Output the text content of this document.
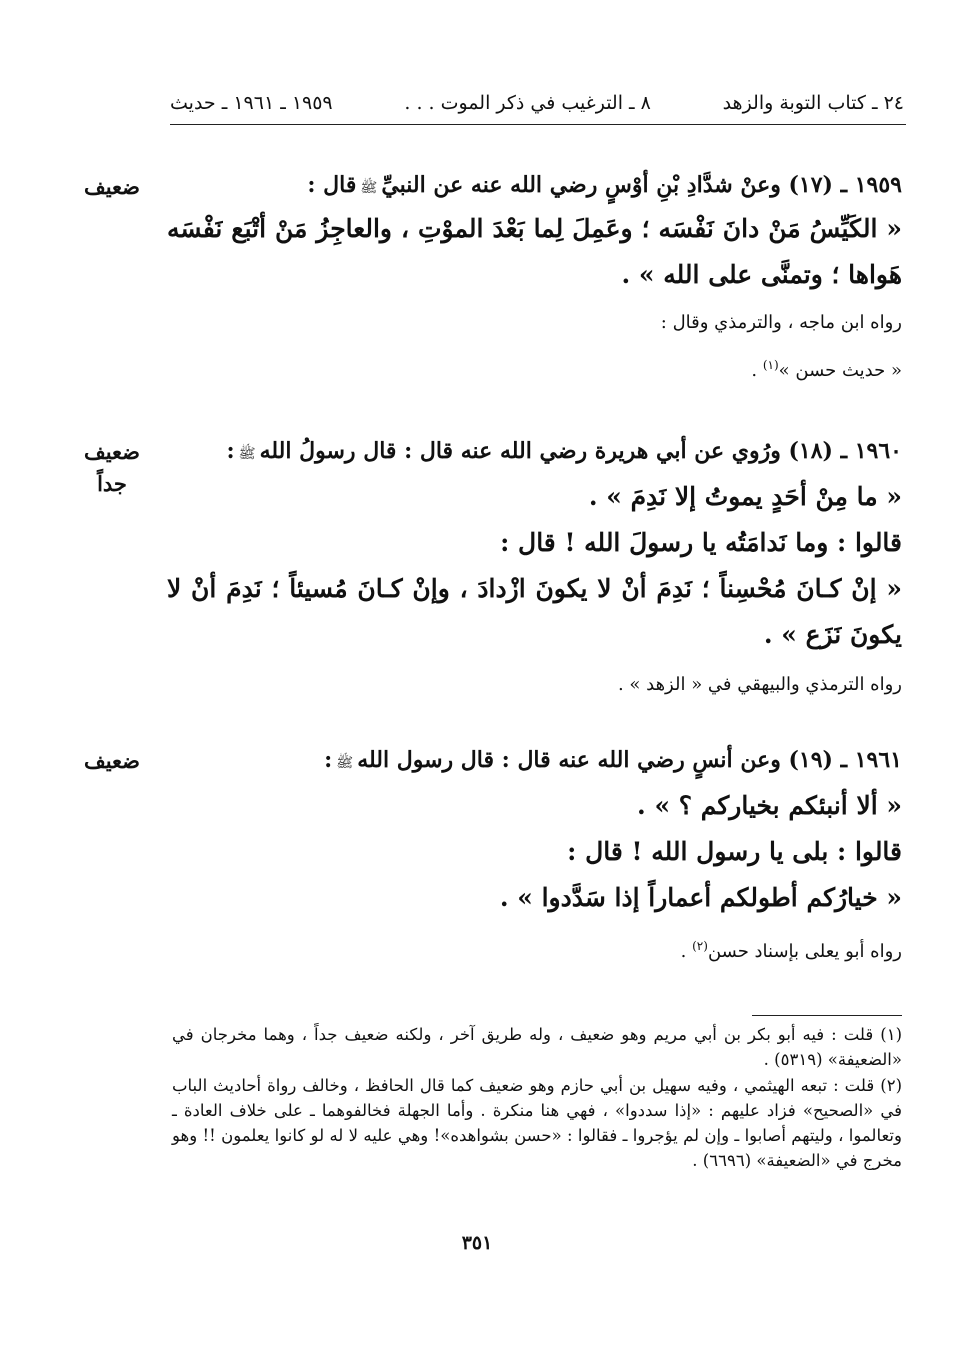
٢٤ ـ كتاب التوبة والزهد
٨ ـ الترغيب في ذكر الموت . . .
١٩٥٩ ـ ١٩٦١ ـ حديث
ضعيف	١٩٥٩ ـ (١٧) وعنْ شدَّادِ بْنِ أوْسٍ رضي الله عنه عن النبيِّﷺقال :
« الكَيِّسُ مَنْ دانَ نَفْسَه ؛ وعَمِلَ لِما بَعْدَ الموْتِ ، والعاجِزُ مَنْ أتْبَع نَفْسَه
هَواها ؛ وتمنَّى على الله » .
رواه ابن ماجه ، والترمذي وقال :
« حديث حسن »$^{(١)}$ .
ضعيف
جداً
١٩٦٠ ـ (١٨) ورُوي عن أبي هريرة رضي الله عنه قال : قال رسولُ اللهﷺ:
« ما مِنْ أحَدٍ يموتُ إلا نَدِمَ » .
قالوا : وما نَدامَتُه يا رسولَ الله ! قال :
« إنْ كـانَ مُحْسِناً ؛ نَدِمَ أنْ لا يكونَ ازْدادَ ، وإنْ كـانَ مُسيئاً ؛ نَدِمَ أنْ لا
يكونَ نَزَع » .
رواه الترمذي والبيهقي في « الزهد » .
ضعيف	١٩٦١ ـ (١٩) وعن أنسٍ رضي الله عنه قال : قال رسول اللهﷺ:
« ألا أنبئكم بخياركم ؟ » .
قالوا : بلى يا رسول الله ! قال :
« خيارُكم أطولكم أعماراً إذا سَدَّدوا » .
رواه أبو يعلى بإسناد حسن$^{(٢)}$ .

(١) قلت : فيه أبو بكر بن أبي مريم وهو ضعيف ، وله طريق آخر ، ولكنه ضعيف جداً ، وهما مخرجان في «الضعيفة» (٥٣١٩) .

(٢) قلت : تبعه الهيثمي ، وفيه سهيل بن أبي حازم وهو ضعيف كما قال الحافظ ، وخالف رواة أحاديث الباب في «الصحيح» فزاد عليهم : «إذا سددوا» ، فهي هنا منكرة . وأما الجهلة فخالفوهما ـ على خلاف العادة ـ وتعالموا ، وليتهم أصابوا ـ وإن لم يؤجروا ـ فقالوا : «حسن بشواهده»! وهي عليه لا له لو كانوا يعلمون !! وهو مخرج في «الضعيفة» (٦٦٩٦) .

٣٥١
